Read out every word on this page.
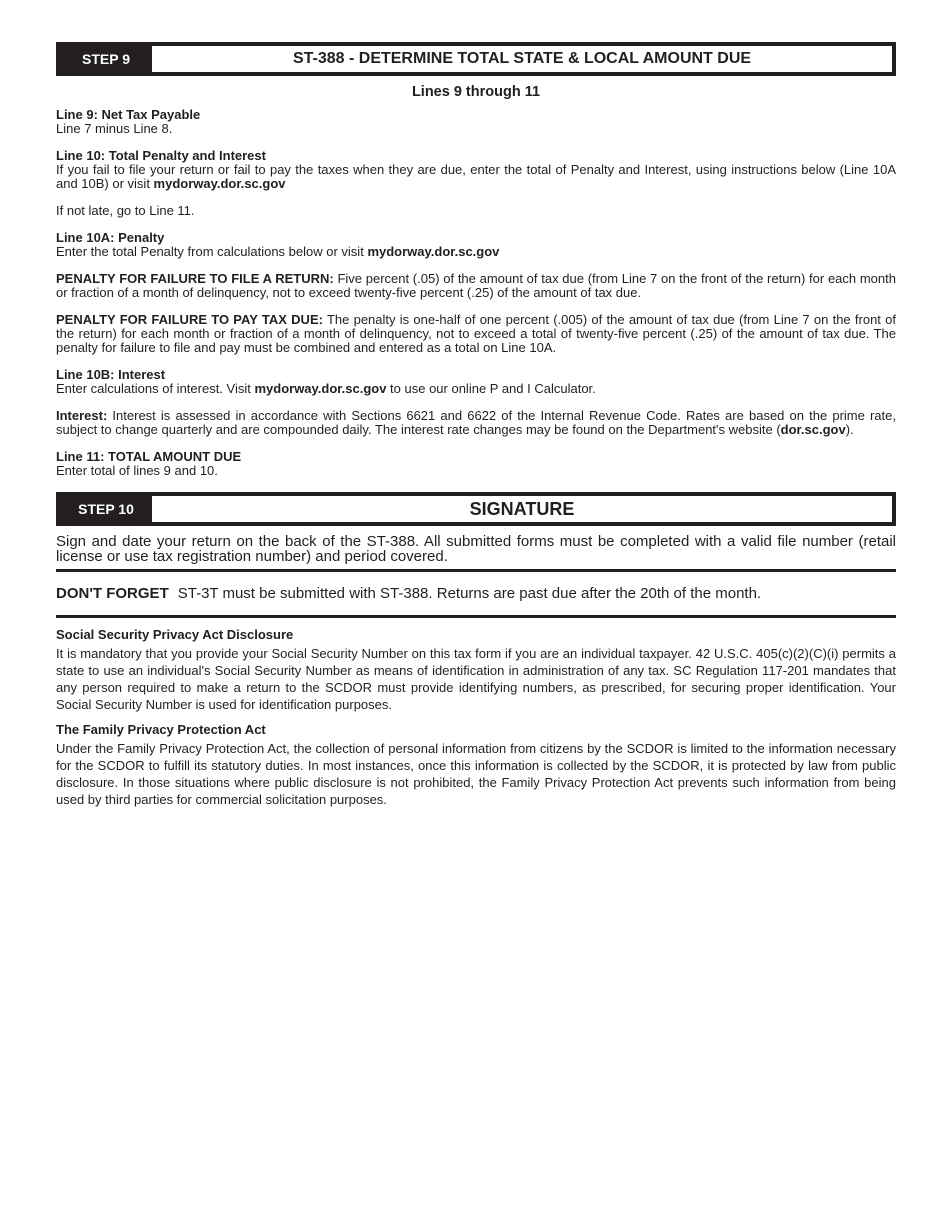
STEP 9	ST-388 - DETERMINE TOTAL STATE & LOCAL AMOUNT DUE
Lines 9 through 11

Line 9: Net Tax Payable

Line 7 minus Line 8.

Line 10: Total Penalty and Interest

If you fail to file your return or fail to pay the taxes when they are due, enter the total of Penalty and Interest, using instructions below (Line 10A and 10B) or visit mydorway.dor.sc.gov

If not late, go to Line 11.

Line 10A: Penalty

Enter the total Penalty from calculations below or visit mydorway.dor.sc.gov

PENALTY FOR FAILURE TO FILE A RETURN: Five percent (.05) of the amount of tax due (from Line 7 on the front of the return) for each month or fraction of a month of delinquency, not to exceed twenty-five percent (.25) of the amount of tax due.

PENALTY FOR FAILURE TO PAY TAX DUE: The penalty is one-half of one percent (.005) of the amount of tax due (from Line 7 on the front of the return) for each month or fraction of a month of delinquency, not to exceed a total of twenty-five percent (.25) of the amount of tax due. The penalty for failure to file and pay must be combined and entered as a total on Line 10A.

Line 10B: Interest

Enter calculations of interest. Visit mydorway.dor.sc.gov to use our online P and I Calculator.

Interest: Interest is assessed in accordance with Sections 6621 and 6622 of the Internal Revenue Code. Rates are based on the prime rate, subject to change quarterly and are compounded daily. The interest rate changes may be found on the Department's website (dor.sc.gov).

Line 11: TOTAL AMOUNT DUE

Enter total of lines 9 and 10.

STEP 10	SIGNATURE

Sign and date your return on the back of the ST-388. All submitted forms must be completed with a valid file number (retail license or use tax registration number) and period covered.

DON'T FORGET ST-3T must be submitted with ST-388. Returns are past due after the 20th of the month.

Social Security Privacy Act Disclosure

It is mandatory that you provide your Social Security Number on this tax form if you are an individual taxpayer. 42 U.S.C. 405(c)(2)(C)(i) permits a state to use an individual's Social Security Number as means of identification in administration of any tax. SC Regulation 117-201 mandates that any person required to make a return to the SCDOR must provide identifying numbers, as prescribed, for securing proper identification. Your Social Security Number is used for identification purposes.

The Family Privacy Protection Act

Under the Family Privacy Protection Act, the collection of personal information from citizens by the SCDOR is limited to the information necessary for the SCDOR to fulfill its statutory duties. In most instances, once this information is collected by the SCDOR, it is protected by law from public disclosure. In those situations where public disclosure is not prohibited, the Family Privacy Protection Act prevents such information from being used by third parties for commercial solicitation purposes.
